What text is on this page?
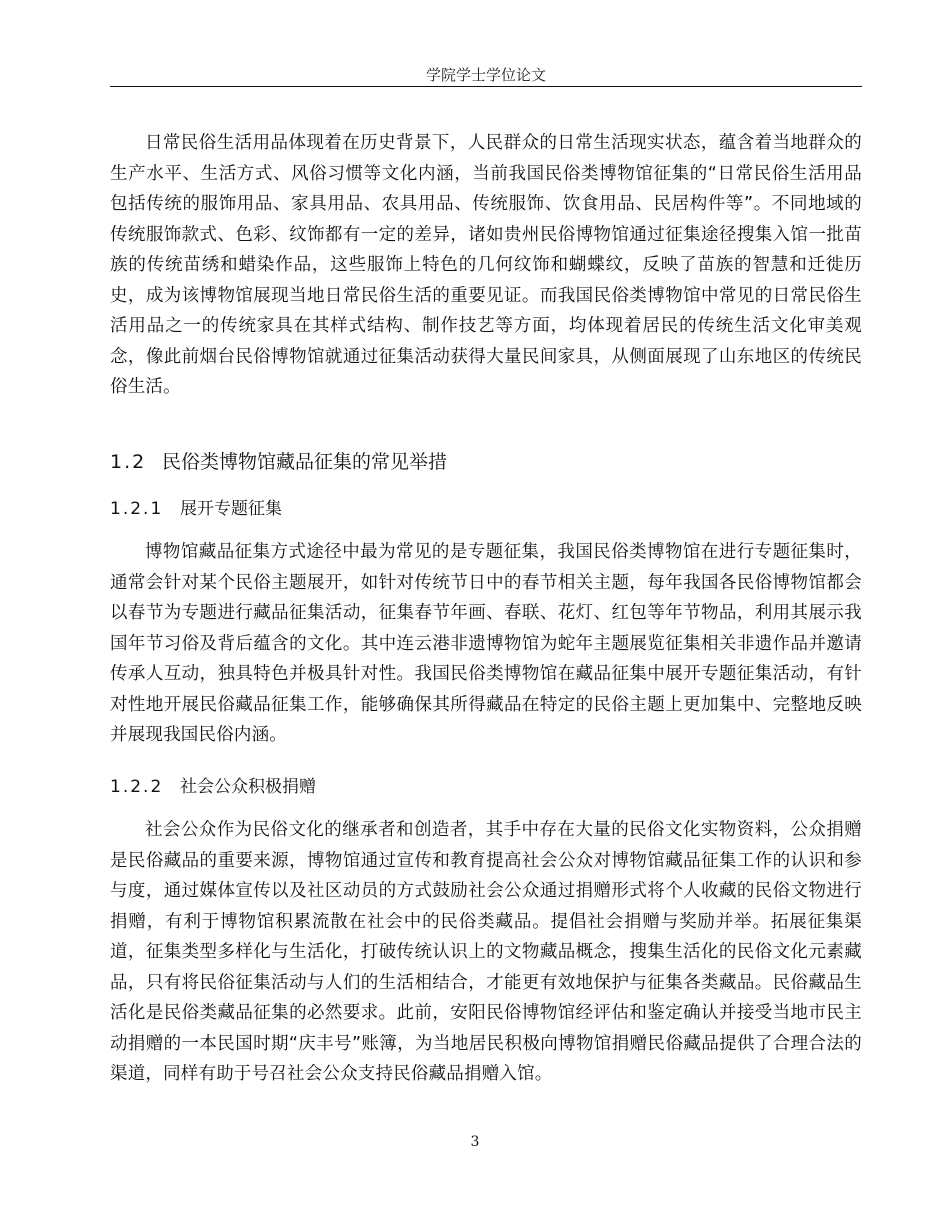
学院学士学位论文

日常民俗生活用品体现着在历史背景下，人民群众的日常生活现实状态，蕴含着当地群众的生产水平、生活方式、风俗习惯等文化内涵，当前我国民俗类博物馆征集的“日常民俗生活用品包括传统的服饰用品、家具用品、农具用品、传统服饰、饮食用品、民居构件等”。不同地域的传统服饰款式、色彩、纹饰都有一定的差异，诸如贵州民俗博物馆通过征集途径搜集入馆一批苗族的传统苗绣和蜡染作品，这些服饰上特色的几何纹饰和蝴蝶纹，反映了苗族的智慧和迁徙历史，成为该博物馆展现当地日常民俗生活的重要见证。而我国民俗类博物馆中常见的日常民俗生活用品之一的传统家具在其样式结构、制作技艺等方面，均体现着居民的传统生活文化审美观念，像此前烟台民俗博物馆就通过征集活动获得大量民间家具，从侧面展现了山东地区的传统民俗生活。

1.2 民俗类博物馆藏品征集的常见举措
1.2.1 展开专题征集

博物馆藏品征集方式途径中最为常见的是专题征集，我国民俗类博物馆在进行专题征集时，通常会针对某个民俗主题展开，如针对传统节日中的春节相关主题，每年我国各民俗博物馆都会以春节为专题进行藏品征集活动，征集春节年画、春联、花灯、红包等年节物品，利用其展示我国年节习俗及背后蕴含的文化。其中连云港非遗博物馆为蛇年主题展览征集相关非遗作品并邀请传承人互动，独具特色并极具针对性。我国民俗类博物馆在藏品征集中展开专题征集活动，有针对性地开展民俗藏品征集工作，能够确保其所得藏品在特定的民俗主题上更加集中、完整地反映并展现我国民俗内涵。

1.2.2 社会公众积极捐赠

社会公众作为民俗文化的继承者和创造者，其手中存在大量的民俗文化实物资料，公众捐赠是民俗藏品的重要来源，博物馆通过宣传和教育提高社会公众对博物馆藏品征集工作的认识和参与度，通过媒体宣传以及社区动员的方式鼓励社会公众通过捐赠形式将个人收藏的民俗文物进行捐赠，有利于博物馆积累流散在社会中的民俗类藏品。提倡社会捐赠与奖励并举。拓展征集渠道，征集类型多样化与生活化，打破传统认识上的文物藏品概念，搜集生活化的民俗文化元素藏品，只有将民俗征集活动与人们的生活相结合，才能更有效地保护与征集各类藏品。民俗藏品生活化是民俗类藏品征集的必然要求。此前，安阳民俗博物馆经评估和鉴定确认并接受当地市民主动捐赠的一本民国时期“庆丰号”账簿，为当地居民积极向博物馆捐赠民俗藏品提供了合理合法的渠道，同样有助于号召社会公众支持民俗藏品捐赠入馆。

3
